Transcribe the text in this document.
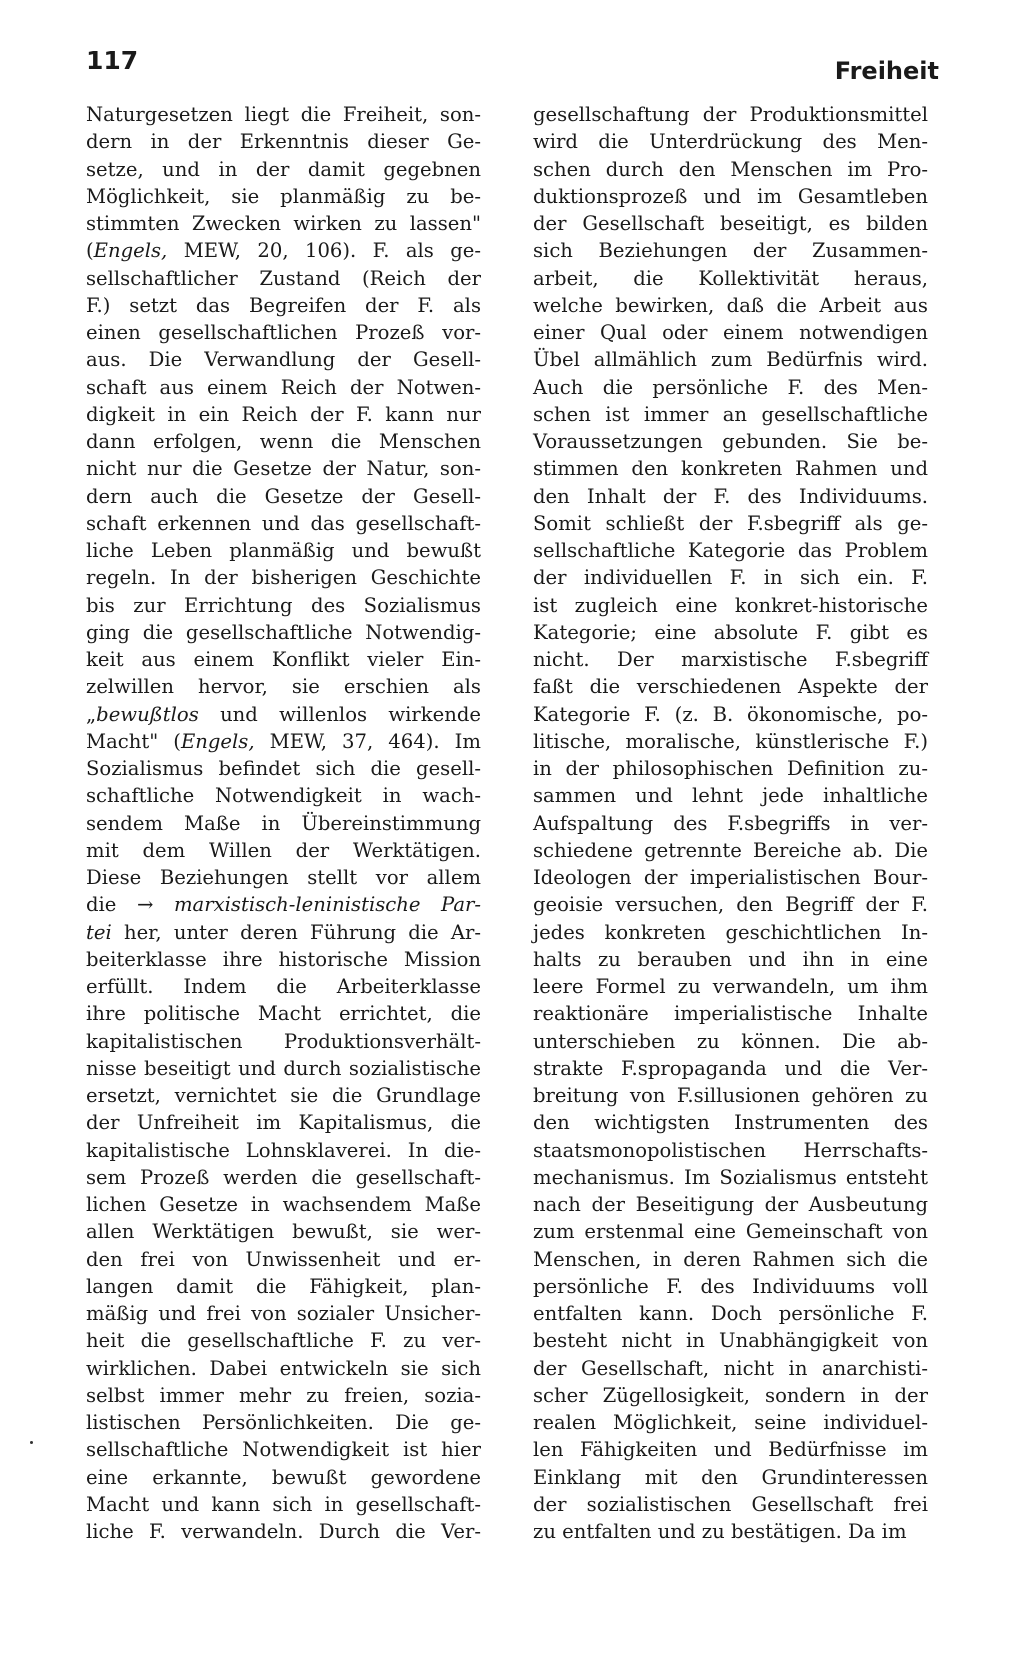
117	Freiheit
Naturgesetzen liegt die Freiheit, son-
dern in der Erkenntnis dieser Ge-
setze, und in der damit gegebnen
Möglichkeit, sie planmäßig zu be-
stimmten Zwecken wirken zu lassen"
(Engels, MEW, 20, 106). F. als ge-
sellschaftlicher Zustand (Reich der
F.) setzt das Begreifen der F. als
einen gesellschaftlichen Prozeß vor-
aus. Die Verwandlung der Gesell-
schaft aus einem Reich der Notwen-
digkeit in ein Reich der F. kann nur
dann erfolgen, wenn die Menschen
nicht nur die Gesetze der Natur, son-
dern auch die Gesetze der Gesell-
schaft erkennen und das gesellschaft-
liche Leben planmäßig und bewußt
regeln. In der bisherigen Geschichte
bis zur Errichtung des Sozialismus
ging die gesellschaftliche Notwendig-
keit aus einem Konflikt vieler Ein-
zelwillen hervor, sie erschien als
„bewußtlos und willenlos wirkende
Macht" (Engels, MEW, 37, 464). Im
Sozialismus befindet sich die gesell-
schaftliche Notwendigkeit in wach-
sendem Maße in Übereinstimmung
mit dem Willen der Werktätigen.
Diese Beziehungen stellt vor allem
die → marxistisch-leninistische Par-
tei her, unter deren Führung die Ar-
beiterklasse ihre historische Mission
erfüllt. Indem die Arbeiterklasse
ihre politische Macht errichtet, die
kapitalistischen Produktionsverhält-
nisse beseitigt und durch sozialistische
ersetzt, vernichtet sie die Grundlage
der Unfreiheit im Kapitalismus, die
kapitalistische Lohnsklaverei. In die-
sem Prozeß werden die gesellschaft-
lichen Gesetze in wachsendem Maße
allen Werktätigen bewußt, sie wer-
den frei von Unwissenheit und er-
langen damit die Fähigkeit, plan-
mäßig und frei von sozialer Unsicher-
heit die gesellschaftliche F. zu ver-
wirklichen. Dabei entwickeln sie sich
selbst immer mehr zu freien, sozia-
listischen Persönlichkeiten. Die ge-
sellschaftliche Notwendigkeit ist hier
eine erkannte, bewußt gewordene
Macht und kann sich in gesellschaft-
liche F. verwandeln. Durch die Ver-
gesellschaftung der Produktionsmittel
wird die Unterdrückung des Men-
schen durch den Menschen im Pro-
duktionsprozeß und im Gesamtleben
der Gesellschaft beseitigt, es bilden
sich Beziehungen der Zusammen-
arbeit, die Kollektivität heraus,
welche bewirken, daß die Arbeit aus
einer Qual oder einem notwendigen
Übel allmählich zum Bedürfnis wird.
Auch die persönliche F. des Men-
schen ist immer an gesellschaftliche
Voraussetzungen gebunden. Sie be-
stimmen den konkreten Rahmen und
den Inhalt der F. des Individuums.
Somit schließt der F.sbegriff als ge-
sellschaftliche Kategorie das Problem
der individuellen F. in sich ein. F.
ist zugleich eine konkret-historische
Kategorie; eine absolute F. gibt es
nicht. Der marxistische F.sbegriff
faßt die verschiedenen Aspekte der
Kategorie F. (z. B. ökonomische, po-
litische, moralische, künstlerische F.)
in der philosophischen Definition zu-
sammen und lehnt jede inhaltliche
Aufspaltung des F.sbegriffs in ver-
schiedene getrennte Bereiche ab. Die
Ideologen der imperialistischen Bour-
geoisie versuchen, den Begriff der F.
jedes konkreten geschichtlichen In-
halts zu berauben und ihn in eine
leere Formel zu verwandeln, um ihm
reaktionäre imperialistische Inhalte
unterschieben zu können. Die ab-
strakte F.spropaganda und die Ver-
breitung von F.sillusionen gehören zu
den wichtigsten Instrumenten des
staatsmonopolistischen Herrschafts-
mechanismus. Im Sozialismus entsteht
nach der Beseitigung der Ausbeutung
zum erstenmal eine Gemeinschaft von
Menschen, in deren Rahmen sich die
persönliche F. des Individuums voll
entfalten kann. Doch persönliche F.
besteht nicht in Unabhängigkeit von
der Gesellschaft, nicht in anarchisti-
scher Zügellosigkeit, sondern in der
realen Möglichkeit, seine individuel-
len Fähigkeiten und Bedürfnisse im
Einklang mit den Grundinteressen
der sozialistischen Gesellschaft frei
zu entfalten und zu bestätigen. Da im
